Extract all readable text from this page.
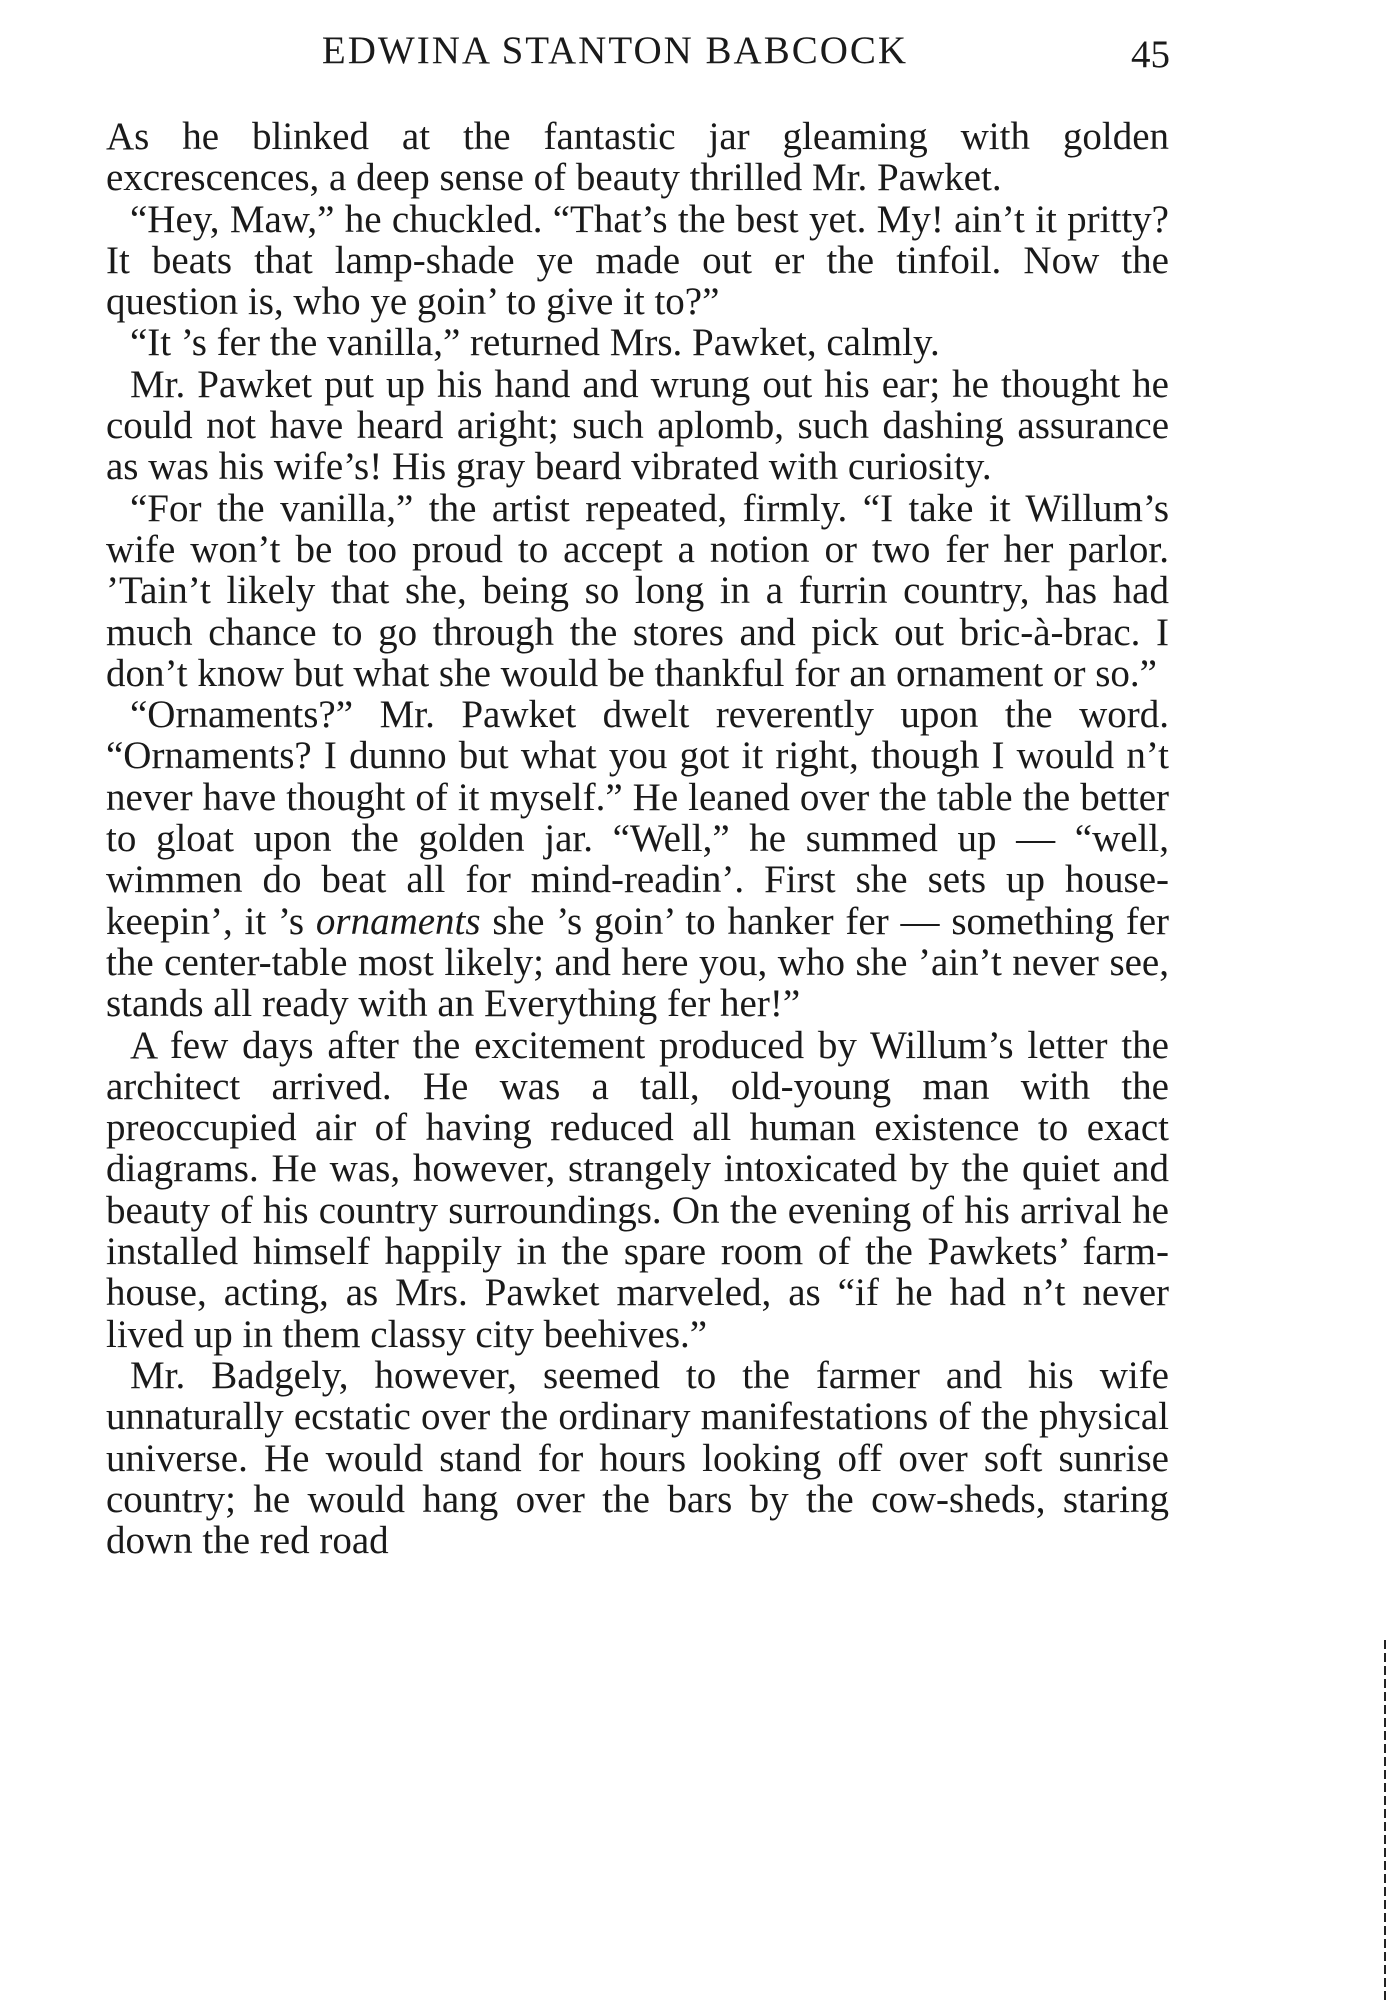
EDWINA STANTON BABCOCK	45

As he blinked at the fantastic jar gleaming with golden excrescences, a deep sense of beauty thrilled Mr. Pawket.

“Hey, Maw,” he chuckled. “That’s the best yet. My! ain’t it pritty? It beats that lamp-shade ye made out er the tinfoil. Now the question is, who ye goin’ to give it to?”

“It ’s fer the vanilla,” returned Mrs. Pawket, calmly.

Mr. Pawket put up his hand and wrung out his ear; he thought he could not have heard aright; such aplomb, such dashing assurance as was his wife’s! His gray beard vibrated with curiosity.

“For the vanilla,” the artist repeated, firmly. “I take it Willum’s wife won’t be too proud to accept a notion or two fer her parlor. ’Tain’t likely that she, being so long in a furrin country, has had much chance to go through the stores and pick out bric-à-brac. I don’t know but what she would be thankful for an ornament or so.”

“Ornaments?” Mr. Pawket dwelt reverently upon the word. “Ornaments? I dunno but what you got it right, though I would n’t never have thought of it myself.” He leaned over the table the better to gloat upon the golden jar. “Well,” he summed up — “well, wimmen do beat all for mind-readin’. First she sets up house-keepin’, it ’s ornaments she ’s goin’ to hanker fer — something fer the center-table most likely; and here you, who she ’ain’t never see, stands all ready with an Everything fer her!”

A few days after the excitement produced by Willum’s letter the architect arrived. He was a tall, old-young man with the preoccupied air of having reduced all human existence to exact diagrams. He was, however, strangely intoxicated by the quiet and beauty of his country surroundings. On the evening of his arrival he installed himself happily in the spare room of the Pawkets’ farm-house, acting, as Mrs. Pawket marveled, as “if he had n’t never lived up in them classy city beehives.”

Mr. Badgely, however, seemed to the farmer and his wife unnaturally ecstatic over the ordinary manifestations of the physical universe. He would stand for hours looking off over soft sunrise country; he would hang over the bars by the cow-sheds, staring down the red road
